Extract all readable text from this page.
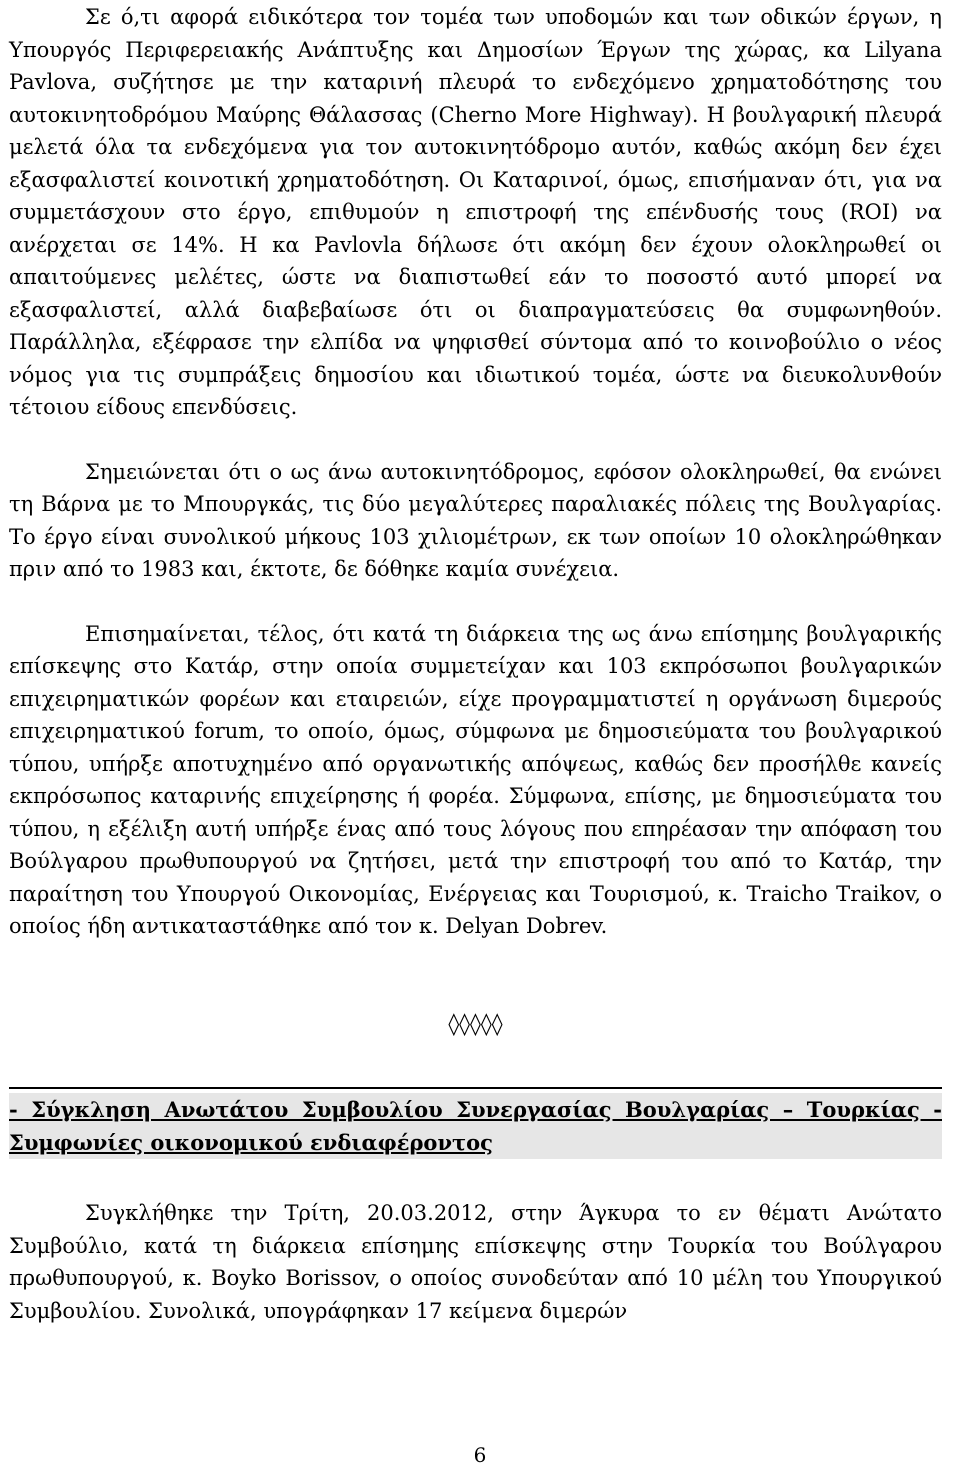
Σε ό,τι αφορά ειδικότερα τον τομέα των υποδομών και των οδικών έργων, η Υπουργός Περιφερειακής Ανάπτυξης και Δημοσίων Έργων της χώρας, κα Lilyana Pavlova, συζήτησε με την καταρινή πλευρά το ενδεχόμενο χρηματοδότησης του αυτοκινητοδρόμου Μαύρης Θάλασσας (Cherno More Highway). Η βουλγαρική πλευρά μελετά όλα τα ενδεχόμενα για τον αυτοκινητόδρομο αυτόν, καθώς ακόμη δεν έχει εξασφαλιστεί κοινοτική χρηματοδότηση. Οι Καταρινοί, όμως, επισήμαναν ότι, για να συμμετάσχουν στο έργο, επιθυμούν η επιστροφή της επένδυσής τους (ROI) να ανέρχεται σε 14%. Η κα Pavlovla δήλωσε ότι ακόμη δεν έχουν ολοκληρωθεί οι απαιτούμενες μελέτες, ώστε να διαπιστωθεί εάν το ποσοστό αυτό μπορεί να εξασφαλιστεί, αλλά διαβεβαίωσε ότι οι διαπραγματεύσεις θα συμφωνηθούν. Παράλληλα, εξέφρασε την ελπίδα να ψηφισθεί σύντομα από το κοινοβούλιο ο νέος νόμος για τις συμπράξεις δημοσίου και ιδιωτικού τομέα, ώστε να διευκολυνθούν τέτοιου είδους επενδύσεις.

Σημειώνεται ότι ο ως άνω αυτοκινητόδρομος, εφόσον ολοκληρωθεί, θα ενώνει τη Βάρνα με το Μπουργκάς, τις δύο μεγαλύτερες παραλιακές πόλεις της Βουλγαρίας. Το έργο είναι συνολικού μήκους 103 χιλιομέτρων, εκ των οποίων 10 ολοκληρώθηκαν πριν από το 1983 και, έκτοτε, δε δόθηκε καμία συνέχεια.

Επισημαίνεται, τέλος, ότι κατά τη διάρκεια της ως άνω επίσημης βουλγαρικής επίσκεψης στο Κατάρ, στην οποία συμμετείχαν και 103 εκπρόσωποι βουλγαρικών επιχειρηματικών φορέων και εταιρειών, είχε προγραμματιστεί η οργάνωση διμερούς επιχειρηματικού forum, το οποίο, όμως, σύμφωνα με δημοσιεύματα του βουλγαρικού τύπου, υπήρξε αποτυχημένο από οργανωτικής απόψεως, καθώς δεν προσήλθε κανείς εκπρόσωπος καταρινής επιχείρησης ή φορέα. Σύμφωνα, επίσης, με δημοσιεύματα του τύπου, η εξέλιξη αυτή υπήρξε ένας από τους λόγους που επηρέασαν την απόφαση του Βούλγαρου πρωθυπουργού να ζητήσει, μετά την επιστροφή του από το Κατάρ, την παραίτηση του Υπουργού Οικονομίας, Ενέργειας και Τουρισμού, κ. Traicho Traikov, ο οποίος ήδη αντικαταστάθηκε από τον κ. Delyan Dobrev.

◊◊◊◊◊

- Σύγκληση Ανωτάτου Συμβουλίου Συνεργασίας Βουλγαρίας – Τουρκίας - Συμφωνίες οικονομικού ενδιαφέροντος

Συγκλήθηκε την Τρίτη, 20.03.2012, στην Άγκυρα το εν θέματι Ανώτατο Συμβούλιο, κατά τη διάρκεια επίσημης επίσκεψης στην Τουρκία του Βούλγαρου πρωθυπουργού, κ. Boyko Borissov, ο οποίος συνοδεύταν από 10 μέλη του Υπουργικού Συμβουλίου. Συνολικά, υπογράφηκαν 17 κείμενα διμερών

6
